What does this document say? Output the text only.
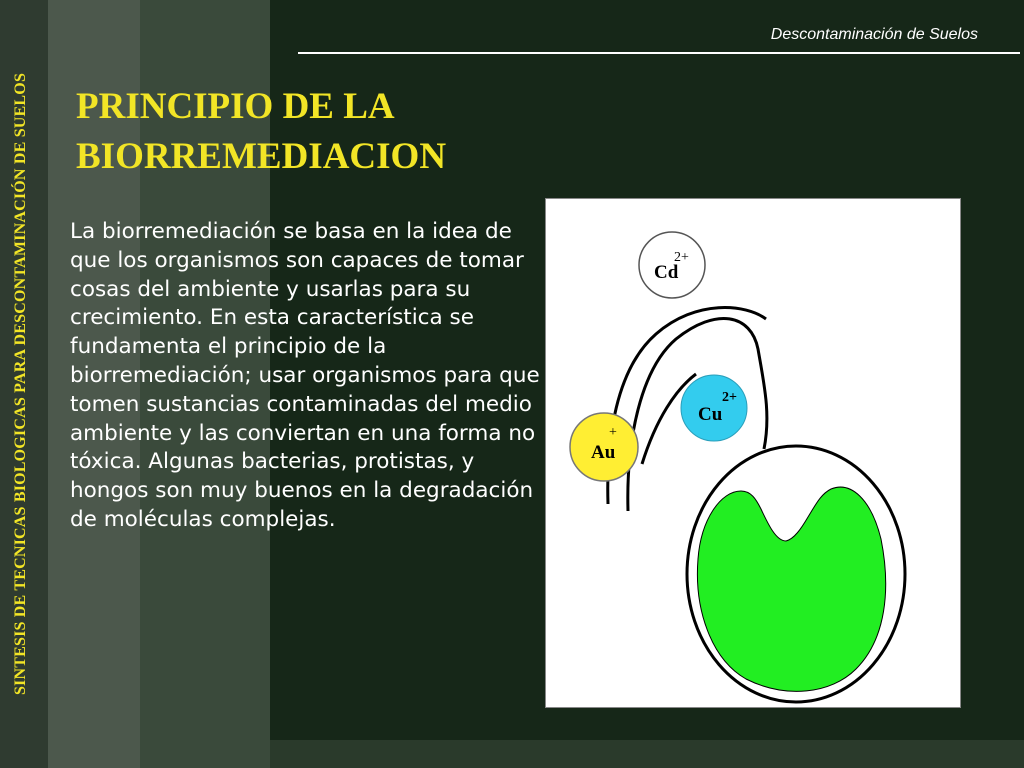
SINTESIS DE TECNICAS BIOLOGICAS PARA DESCONTAMINACIÓN DE SUELOS
Descontaminación de Suelos
PRINCIPIO DE LA
BIORREMEDIACION
La biorremediación se basa en la idea de que los organismos son capaces de tomar cosas del ambiente y usarlas para su crecimiento. En esta característica se fundamenta el principio de la biorremediación; usar organismos para que tomen sustancias contaminadas del medio ambiente y las conviertan en una forma no tóxica. Algunas bacterias, protistas, y hongos son muy buenos en la degradación de moléculas complejas.
Cd
2+
Cu
2+
Au
+
